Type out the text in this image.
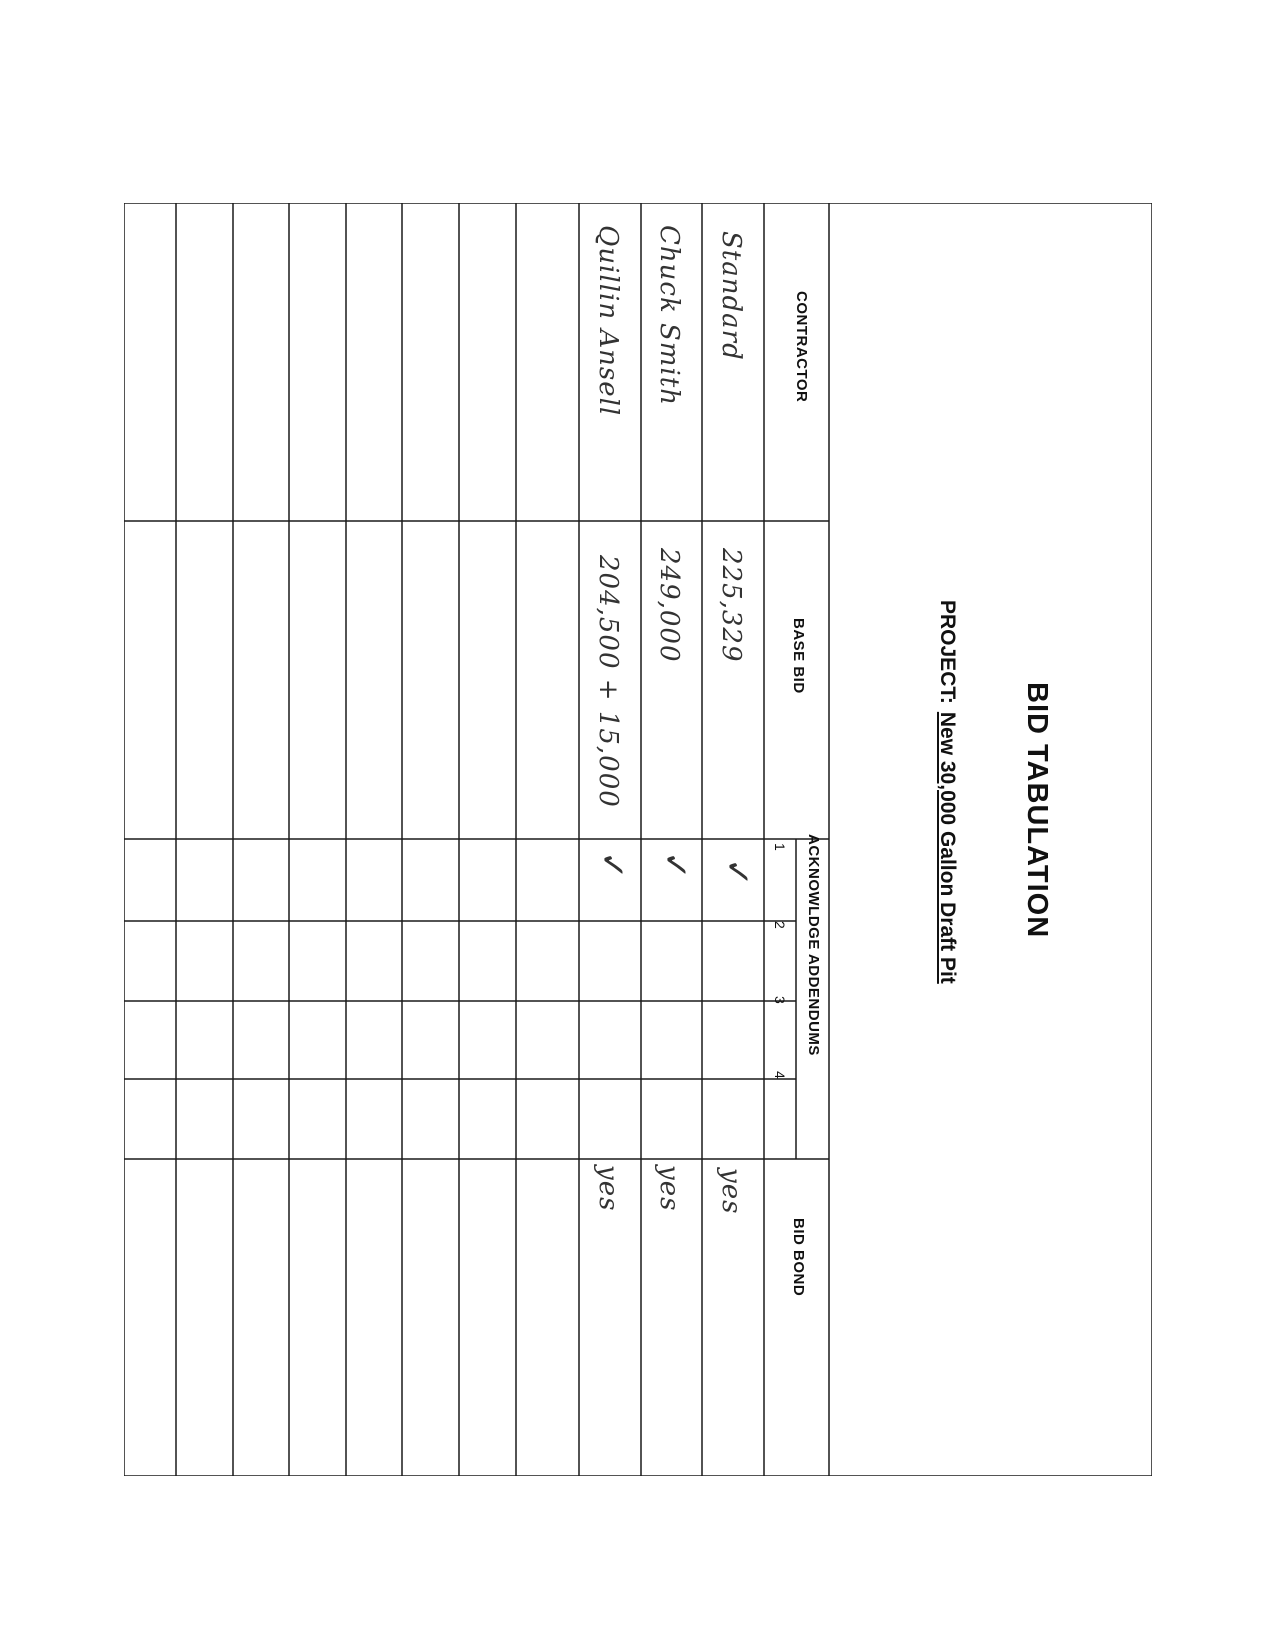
BID TABULATION
PROJECT:New 30,000 Gallon Draft Pit
CONTRACTOR
BASE BID
ACKNOWLDGE ADDENDUMS
1
2
3
4
BID BOND
Standard
225,329
✓
yes
Chuck Smith
249,000
✓
yes
Quillin Ansell
204,500 + 15,000
✓
yes
